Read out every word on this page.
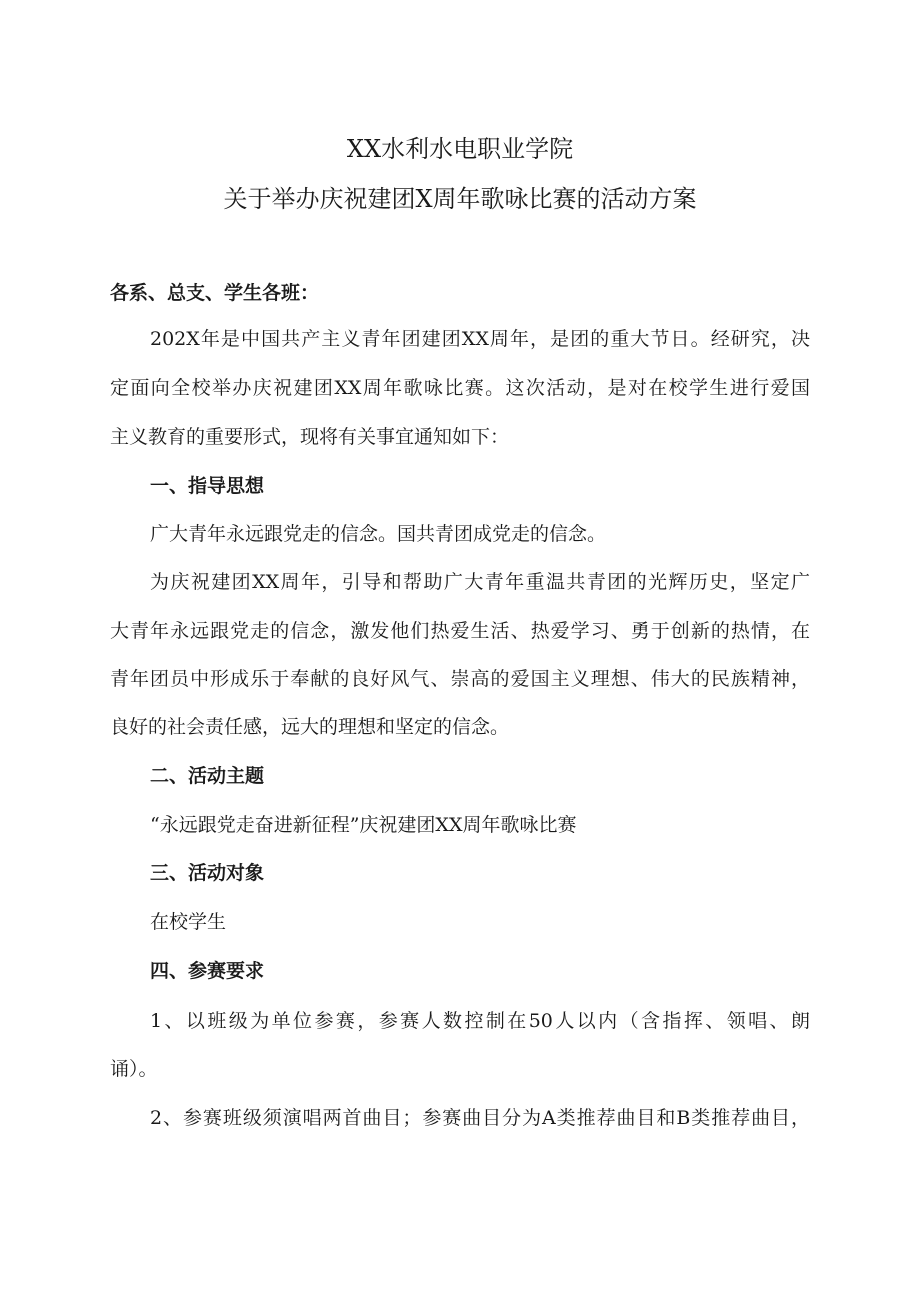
XX水利水电职业学院
关于举办庆祝建团X周年歌咏比赛的活动方案
各系、总支、学生各班：
202X年是中国共产主义青年团建团XX周年，是团的重大节日。经研究，决
定面向全校举办庆祝建团XX周年歌咏比赛。这次活动，是对在校学生进行爱国
主义教育的重要形式，现将有关事宜通知如下：
一、指导思想
广大青年永远跟党走的信念。国共青团成党走的信念。
为庆祝建团XX周年，引导和帮助广大青年重温共青团的光辉历史，坚定广
大青年永远跟党走的信念，激发他们热爱生活、热爱学习、勇于创新的热情，在
青年团员中形成乐于奉献的良好风气、崇高的爱国主义理想、伟大的民族精神，
良好的社会责任感，远大的理想和坚定的信念。
二、活动主题
“永远跟党走奋进新征程”庆祝建团XX周年歌咏比赛
三、活动对象
在校学生
四、参赛要求
1、以班级为单位参赛，参赛人数控制在50人以内（含指挥、领唱、朗
诵）。
2、参赛班级须演唱两首曲目；参赛曲目分为A类推荐曲目和B类推荐曲目，
